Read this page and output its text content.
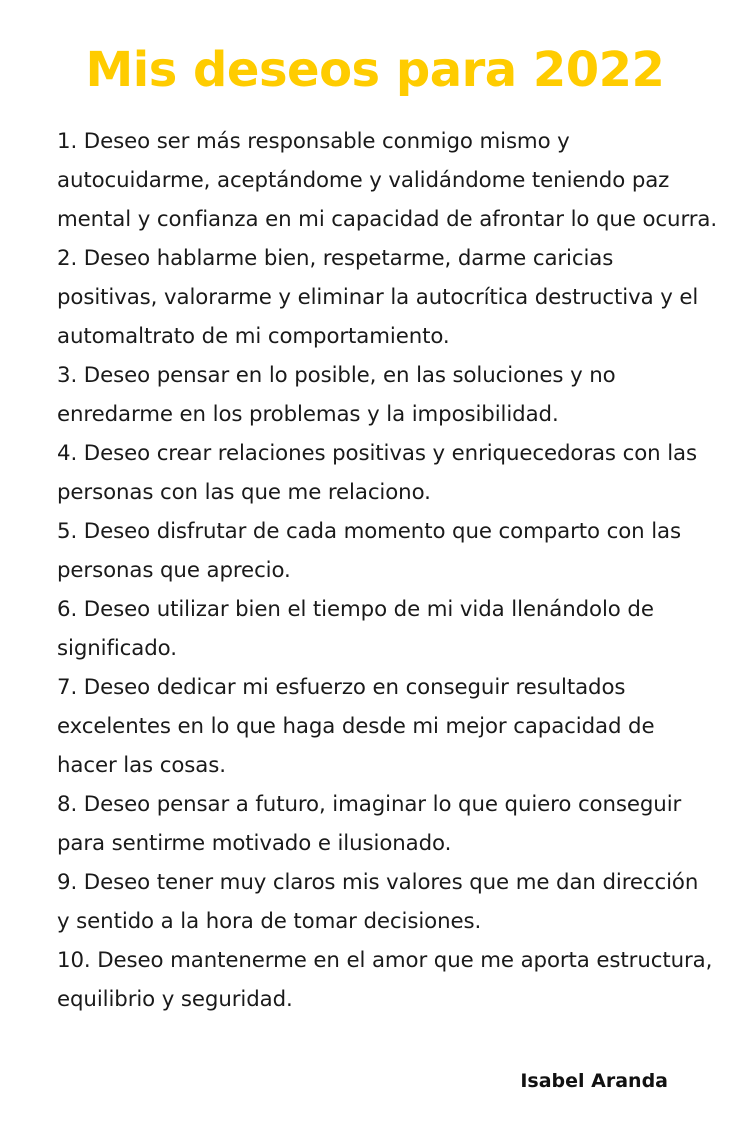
Mis deseos para 2022
1. Deseo ser más responsable conmigo mismo y autocuidarme, aceptándome y validándome teniendo paz mental y confianza en mi capacidad de afrontar lo que ocurra.
2. Deseo hablarme bien, respetarme, darme caricias positivas, valorarme y eliminar la autocrítica destructiva y el automaltrato de mi comportamiento.
3. Deseo pensar en lo posible, en las soluciones y no enredarme en los problemas y la imposibilidad.
4. Deseo crear relaciones positivas y enriquecedoras con las personas con las que me relaciono.
5. Deseo disfrutar de cada momento que comparto con las personas que aprecio.
6. Deseo utilizar bien el tiempo de mi vida llenándolo de significado.
7. Deseo dedicar mi esfuerzo en conseguir resultados excelentes en lo que haga desde mi mejor capacidad de hacer las cosas.
8. Deseo pensar a futuro, imaginar lo que quiero conseguir para sentirme motivado e ilusionado.
9. Deseo tener muy claros mis valores que me dan dirección y sentido a la hora de tomar decisiones.
10. Deseo mantenerme en el amor que me aporta estructura, equilibrio y seguridad.

Isabel Aranda
